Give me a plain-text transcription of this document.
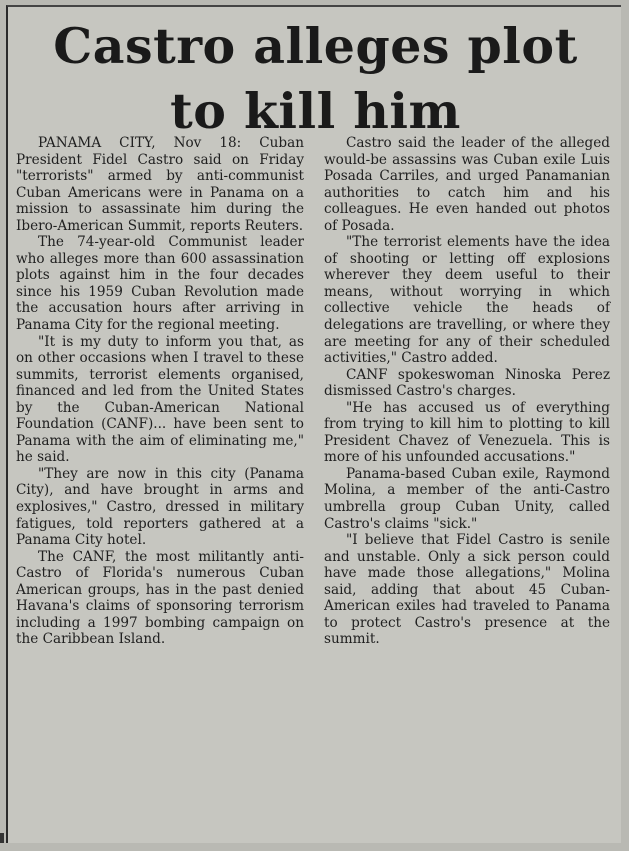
Castro alleges plot
to kill him

PANAMA CITY, Nov 18: Cuban President Fidel Castro said on Friday "terrorists" armed by anti-communist Cuban Americans were in Panama on a mission to assassinate him during the Ibero-American Summit, reports Reuters.

The 74-year-old Communist leader who alleges more than 600 assassination plots against him in the four decades since his 1959 Cuban Revolution made the accusation hours after arriving in Panama City for the regional meeting.

"It is my duty to inform you that, as on other occasions when I travel to these summits, terrorist elements organised, financed and led from the United States by the Cuban-American National Foundation (CANF)... have been sent to Panama with the aim of eliminating me," he said.

"They are now in this city (Panama City), and have brought in arms and explosives," Castro, dressed in military fatigues, told reporters gathered at a Panama City hotel.

The CANF, the most militantly anti-Castro of Florida's numerous Cuban American groups, has in the past denied Havana's claims of sponsoring terrorism including a 1997 bombing campaign on the Caribbean Island.

Castro said the leader of the alleged would-be assassins was Cuban exile Luis Posada Carriles, and urged Panamanian authorities to catch him and his colleagues. He even handed out photos of Posada.

"The terrorist elements have the idea of shooting or letting off explosions wherever they deem useful to their means, without worrying in which collective vehicle the heads of delegations are travelling, or where they are meeting for any of their scheduled activities," Castro added.

CANF spokeswoman Ninoska Perez dismissed Castro's charges.

"He has accused us of everything from trying to kill him to plotting to kill President Chavez of Venezuela. This is more of his unfounded accusations."

Panama-based Cuban exile, Raymond Molina, a member of the anti-Castro umbrella group Cuban Unity, called Castro's claims "sick."

"I believe that Fidel Castro is senile and unstable. Only a sick person could have made those allegations," Molina said, adding that about 45 Cuban-American exiles had traveled to Panama to protect Castro's presence at the summit.
